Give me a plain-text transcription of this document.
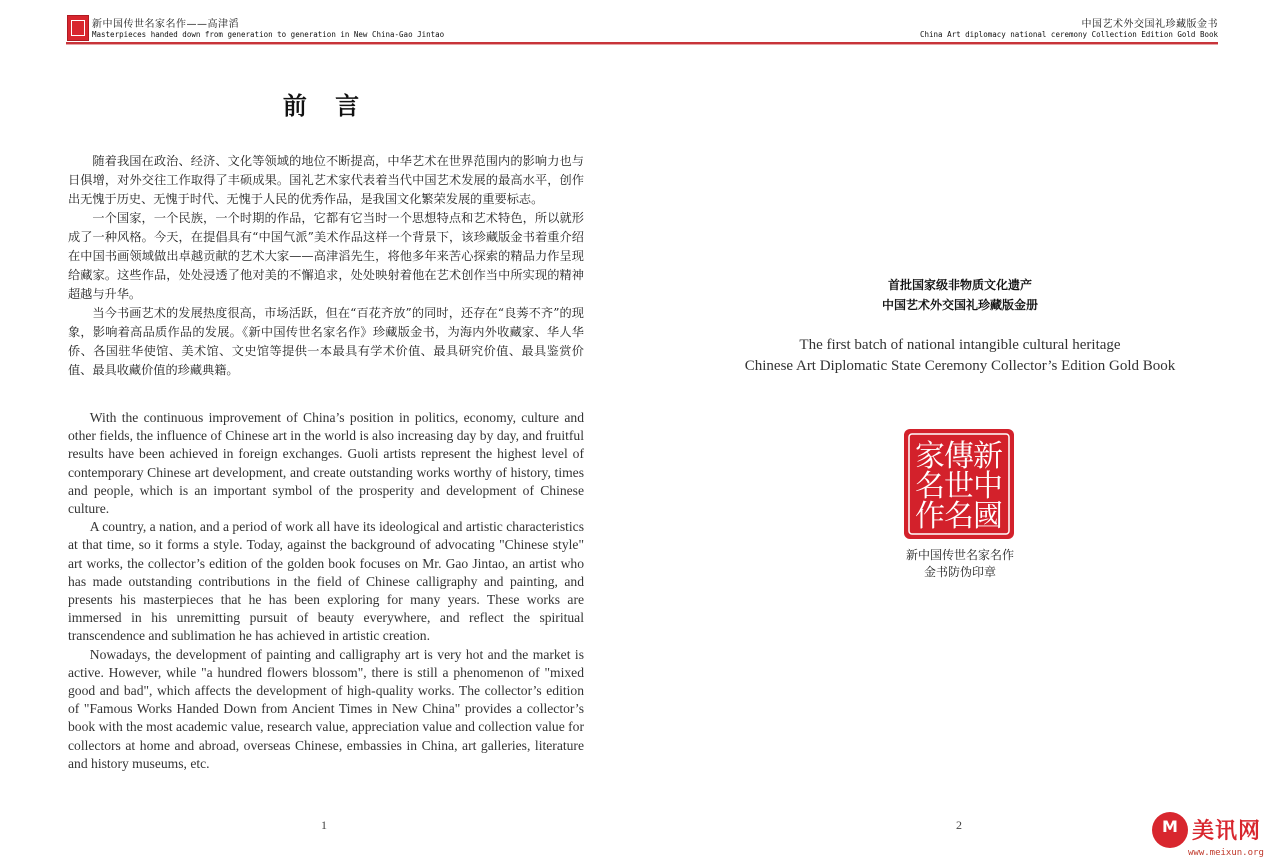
新中国传世名家名作——高津滔
Masterpieces handed down from generation to generation in New China-Gao Jintao
中国艺术外交国礼珍藏版金书
China Art diplomacy national ceremony Collection Edition Gold Book
前 言

随着我国在政治、经济、文化等领域的地位不断提高，中华艺术在世界范围内的影响力也与日俱增，对外交往工作取得了丰硕成果。国礼艺术家代表着当代中国艺术发展的最高水平，创作出无愧于历史、无愧于时代、无愧于人民的优秀作品，是我国文化繁荣发展的重要标志。

一个国家，一个民族，一个时期的作品，它都有它当时一个思想特点和艺术特色，所以就形成了一种风格。今天，在提倡具有“中国气派”美术作品这样一个背景下，该珍藏版金书着重介绍在中国书画领域做出卓越贡献的艺术大家——高津滔先生，将他多年来苦心探索的精品力作呈现给藏家。这些作品，处处浸透了他对美的不懈追求，处处映射着他在艺术创作当中所实现的精神超越与升华。

当今书画艺术的发展热度很高，市场活跃，但在“百花齐放”的同时，还存在“良莠不齐”的现象，影响着高品质作品的发展。《新中国传世名家名作》珍藏版金书，为海内外收藏家、华人华侨、各国驻华使馆、美术馆、文史馆等提供一本最具有学术价值、最具研究价值、最具鉴赏价值、最具收藏价值的珍藏典籍。

With the continuous improvement of China’s position in politics, economy, culture and other fields, the influence of Chinese art in the world is also increasing day by day, and fruitful results have been achieved in foreign exchanges. Guoli artists represent the highest level of contemporary Chinese art development, and create outstanding works worthy of history, times and people, which is an important symbol of the prosperity and development of Chinese culture.

A country, a nation, and a period of work all have its ideological and artistic characteristics at that time, so it forms a style. Today, against the background of advocating "Chinese style" art works, the collector’s edition of the golden book focuses on Mr. Gao Jintao, an artist who has made outstanding contributions in the field of Chinese calligraphy and painting, and presents his masterpieces that he has been exploring for many years. These works are immersed in his unremitting pursuit of beauty everywhere, and reflect the spiritual transcendence and sublimation he has achieved in artistic creation.

Nowadays, the development of painting and calligraphy art is very hot and the market is active. However, while "a hundred flowers blossom", there is still a phenomenon of "mixed good and bad", which affects the development of high-quality works. The collector’s edition of "Famous Works Handed Down from Ancient Times in New China" provides a collector’s book with the most academic value, research value, appreciation value and collection value for collectors at home and abroad, overseas Chinese, embassies in China, art galleries, literature and history museums, etc.

1
首批国家级非物质文化遗产
中国艺术外交国礼珍藏版金册
The first batch of national intangible cultural heritage
Chinese Art Diplomatic State Ceremony Collector’s Edition Gold Book
新
中
國
傳
世
名
家
名
作
新中国传世名家名作
金书防伪印章
2	M 美讯网
www.meixun.org
